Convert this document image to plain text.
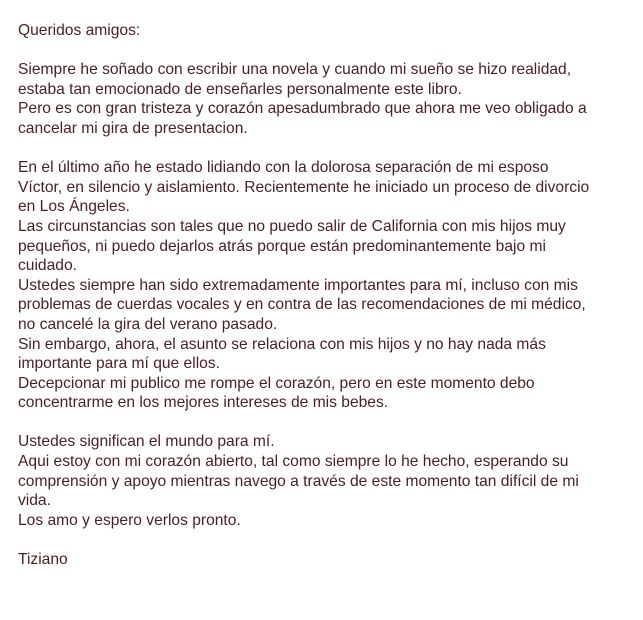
Queridos amigos:
Siempre he soñado con escribir una novela y cuando mi sueño se hizo realidad,
estaba tan emocionado de enseñarles personalmente este libro.
Pero es con gran tristeza y corazón apesadumbrado que ahora me veo obligado a
cancelar mi gira de presentacion.
En el último año he estado lidiando con la dolorosa separación de mi esposo
Víctor, en silencio y aislamiento. Recientemente he iniciado un proceso de divorcio
en Los Ángeles.
Las circunstancias son tales que no puedo salir de California con mis hijos muy
pequeños, ni puedo dejarlos atrás porque están predominantemente bajo mi
cuidado.
Ustedes siempre han sido extremadamente importantes para mí, incluso con mis
problemas de cuerdas vocales y en contra de las recomendaciones de mi médico,
no cancelé la gira del verano pasado.
Sin embargo, ahora, el asunto se relaciona con mis hijos y no hay nada más
importante para mí que ellos.
Decepcionar mi publico me rompe el corazón, pero en este momento debo
concentrarme en los mejores intereses de mis bebes.
Ustedes significan el mundo para mí.
Aqui estoy con mi corazón abierto, tal como siempre lo he hecho, esperando su
comprensión y apoyo mientras navego a través de este momento tan difícil de mi
vida.
Los amo y espero verlos pronto.
Tiziano
